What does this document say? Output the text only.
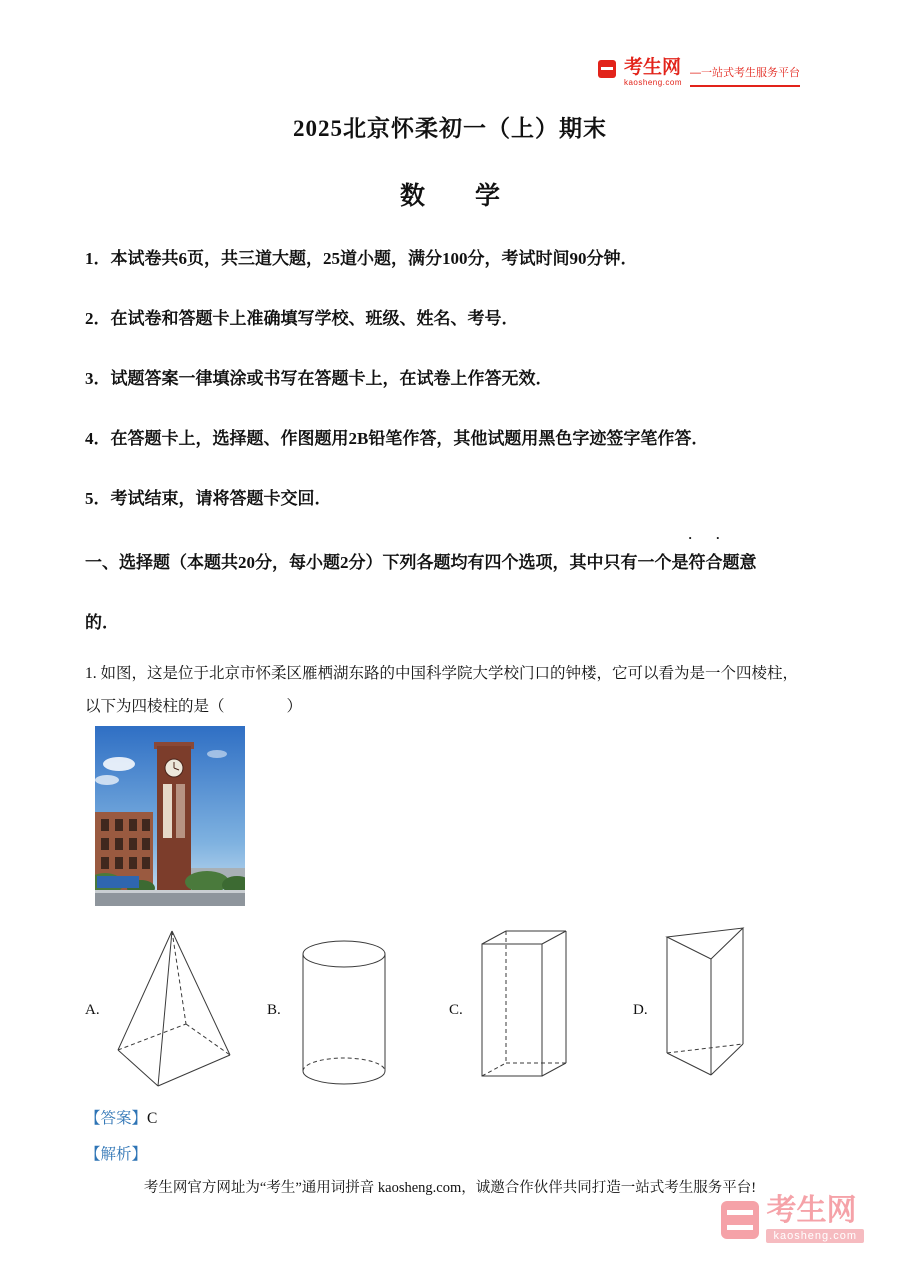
考生网
kaosheng.com
—一站式考生服务平台
2025北京怀柔初一（上）期末
数　　学
1．本试卷共6页，共三道大题，25道小题，满分100分，考试时间90分钟．
2．在试卷和答题卡上准确填写学校、班级、姓名、考号．
3．试题答案一律填涂或书写在答题卡上，在试卷上作答无效．
4．在答题卡上，选择题、作图题用2B铅笔作答，其他试题用黑色字迹签字笔作答．
5．考试结束，请将答题卡交回．
· ·
一、选择题（本题共20分，每小题2分）下列各题均有四个选项，其中只有一个是符合题意
的．
1. 如图，这是位于北京市怀柔区雁栖湖东路的中国科学院大学校门口的钟楼，它可以看为是一个四棱柱，
以下为四棱柱的是（　　　　）
A.	B.	C.	D.
【答案】C
【解析】
考生网官方网址为“考生”通用词拼音 kaosheng.com，诚邀合作伙伴共同打造一站式考生服务平台!
考生网
kaosheng.com
